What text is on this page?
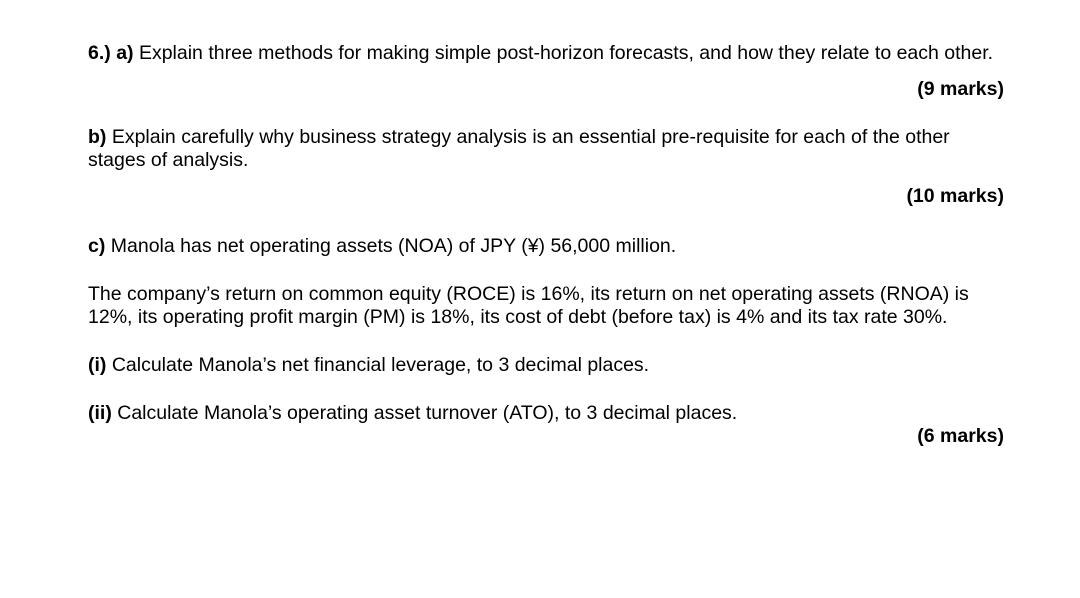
6.) a) Explain three methods for making simple post-horizon forecasts, and how they relate to each other.

(9 marks)

b) Explain carefully why business strategy analysis is an essential pre-requisite for each of the other stages of analysis.

(10 marks)

c) Manola has net operating assets (NOA) of JPY (¥) 56,000 million.

The company’s return on common equity (ROCE) is 16%, its return on net operating assets (RNOA) is 12%, its operating profit margin (PM) is 18%, its cost of debt (before tax) is 4% and its tax rate 30%.

(i) Calculate Manola’s net financial leverage, to 3 decimal places.

(ii) Calculate Manola’s operating asset turnover (ATO), to 3 decimal places.

(6 marks)
